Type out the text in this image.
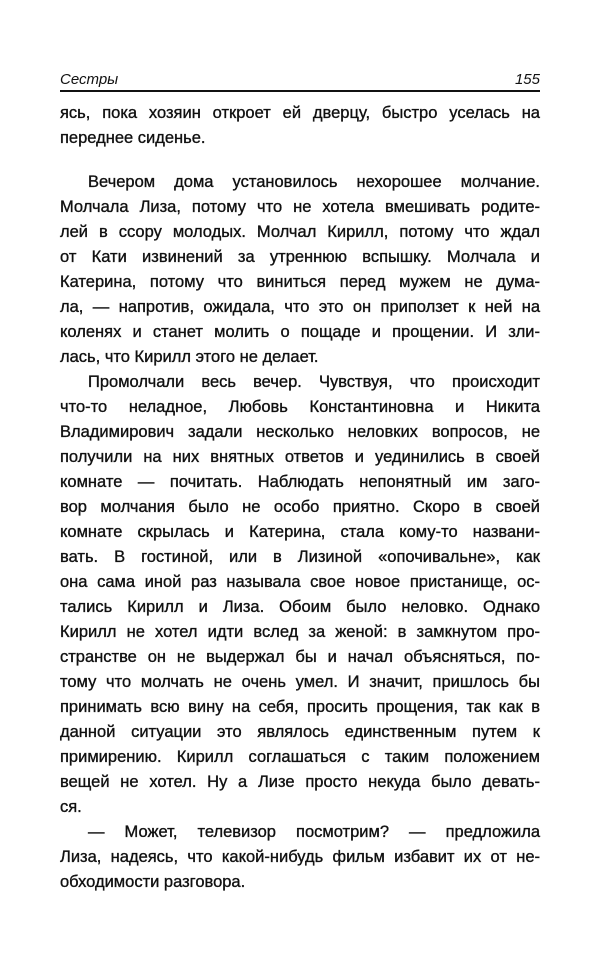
Сестры	155
ясь, пока хозяин откроет ей дверцу, быстро уселась на
переднее сиденье.
Вечером дома установилось нехорошее молчание.
Молчала Лиза, потому что не хотела вмешивать родите-
лей в ссору молодых. Молчал Кирилл, потому что ждал
от Кати извинений за утреннюю вспышку. Молчала и
Катерина, потому что виниться перед мужем не дума-
ла, — напротив, ожидала, что это он приползет к ней на
коленях и станет молить о пощаде и прощении. И зли-
лась, что Кирилл этого не делает.
Промолчали весь вечер. Чувствуя, что происходит
что-то неладное, Любовь Константиновна и Никита
Владимирович задали несколько неловких вопросов, не
получили на них внятных ответов и уединились в своей
комнате — почитать. Наблюдать непонятный им заго-
вор молчания было не особо приятно. Скоро в своей
комнате скрылась и Катерина, стала кому-то названи-
вать. В гостиной, или в Лизиной «опочивальне», как
она сама иной раз называла свое новое пристанище, ос-
тались Кирилл и Лиза. Обоим было неловко. Однако
Кирилл не хотел идти вслед за женой: в замкнутом про-
странстве он не выдержал бы и начал объясняться, по-
тому что молчать не очень умел. И значит, пришлось бы
принимать всю вину на себя, просить прощения, так как в
данной ситуации это являлось единственным путем к
примирению. Кирилл соглашаться с таким положением
вещей не хотел. Ну а Лизе просто некуда было девать-
ся.
— Может, телевизор посмотрим? — предложила
Лиза, надеясь, что какой-нибудь фильм избавит их от не-
обходимости разговора.
